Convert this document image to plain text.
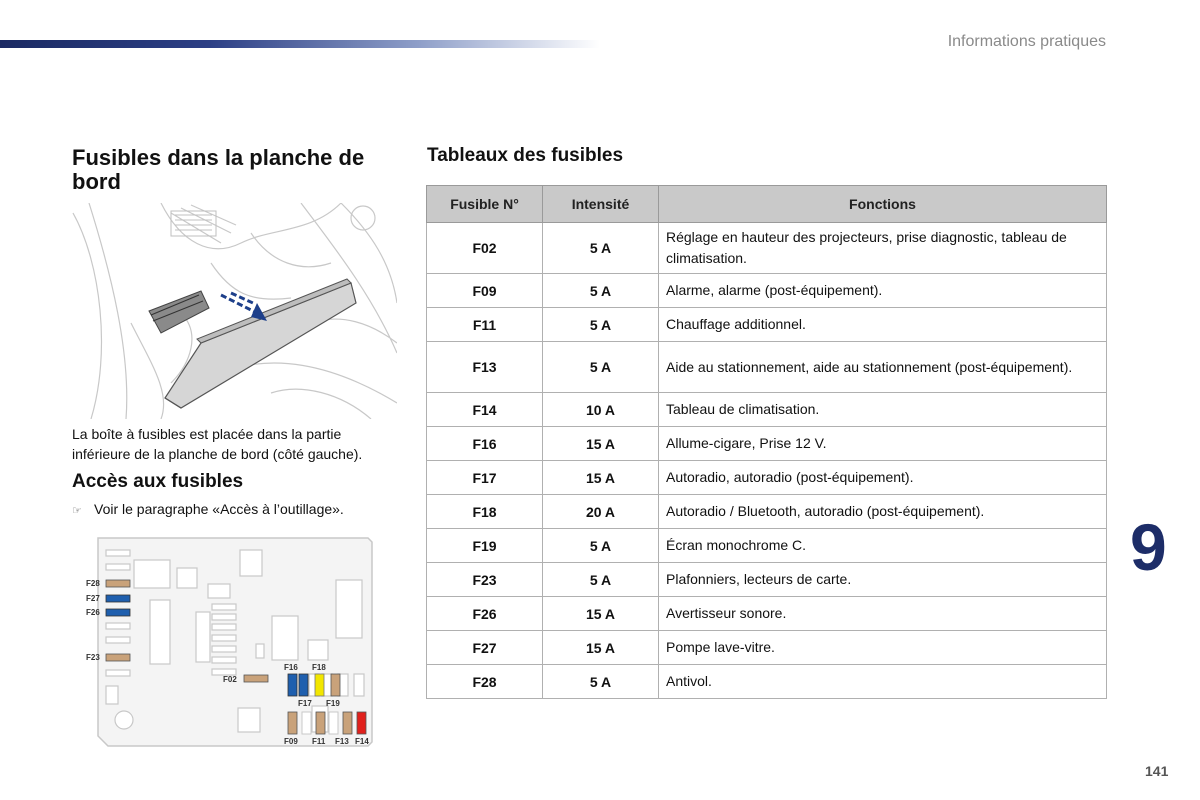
Informations pratiques
Fusibles dans la planche de bord
La boîte à fusibles est placée dans la partie inférieure de la planche de bord (côté gauche).
Accès aux fusibles
☞ Voir le paragraphe «Accès à l’outillage».
F28
F27
F26
F23
F02
F16 F18
F17 F19
F09 F11 F13 F14
Tableaux des fusibles
Fusible N°	Intensité	Fonctions
F02	5 A	Réglage en hauteur des projecteurs, prise diagnostic, tableau de climatisation.
F09	5 A	Alarme, alarme (post-équipement).
F11	5 A	Chauffage additionnel.
F13	5 A	Aide au stationnement, aide au stationnement (post-équipement).
F14	10 A	Tableau de climatisation.
F16	15 A	Allume-cigare, Prise 12 V.
F17	15 A	Autoradio, autoradio (post-équipement).
F18	20 A	Autoradio / Bluetooth, autoradio (post-équipement).
F19	5 A	Écran monochrome C.
F23	5 A	Plafonniers, lecteurs de carte.
F26	15 A	Avertisseur sonore.
F27	15 A	Pompe lave-vitre.
F28	5 A	Antivol.
9
141
